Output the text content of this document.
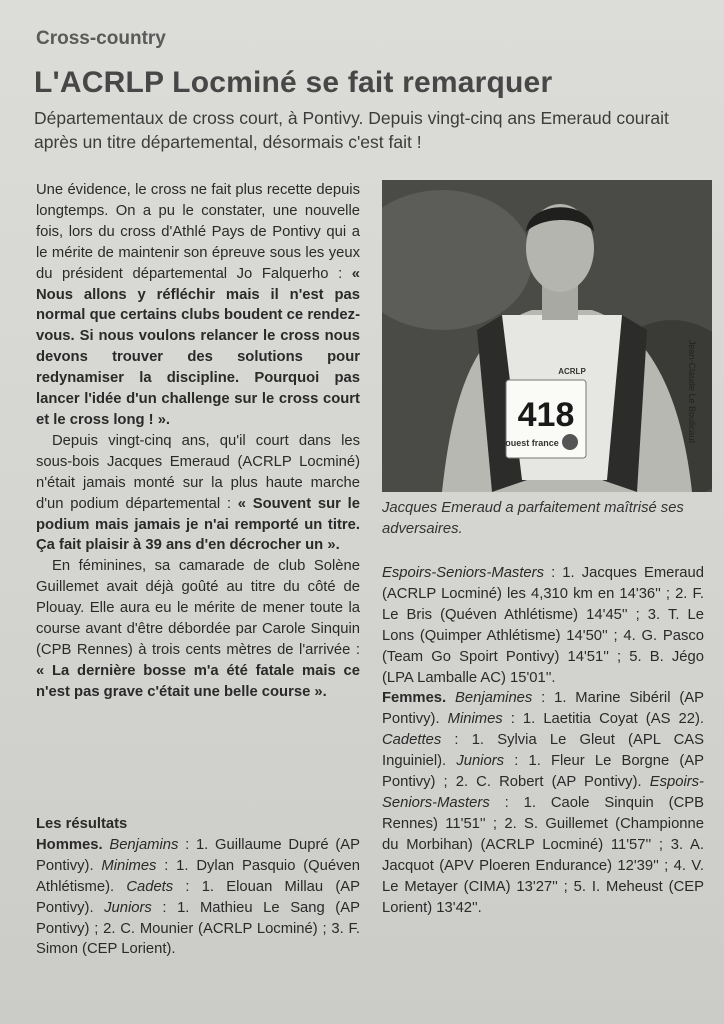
Cross-country
L'ACRLP Locminé se fait remarquer
Départementaux de cross court, à Pontivy. Depuis vingt-cinq ans Emeraud courait après un titre départemental, désormais c'est fait !

Une évidence, le cross ne fait plus recette depuis longtemps. On a pu le constater, une nouvelle fois, lors du cross d'Athlé Pays de Pontivy qui a le mérite de maintenir son épreuve sous les yeux du président départemental Jo Falquerho : « Nous allons y réfléchir mais il n'est pas normal que certains clubs boudent ce rendez-vous. Si nous voulons relancer le cross nous devons trouver des solutions pour redynamiser la discipline. Pourquoi pas lancer l'idée d'un challenge sur le cross court et le cross long ! ».

Depuis vingt-cinq ans, qu'il court dans les sous-bois Jacques Emeraud (ACRLP Locminé) n'était jamais monté sur la plus haute marche d'un podium départemental : « Souvent sur le podium mais jamais je n'ai remporté un titre. Ça fait plaisir à 39 ans d'en décrocher un ».

En féminines, sa camarade de club Solène Guillemet avait déjà goûté au titre du côté de Plouay. Elle aura eu le mérite de mener toute la course avant d'être débordée par Carole Sinquin (CPB Rennes) à trois cents mètres de l'arrivée : « La dernière bosse m'a été fatale mais ce n'est pas grave c'était une belle course ».

Les résultats

Hommes. Benjamins : 1. Guillaume Dupré (AP Pontivy). Minimes : 1. Dylan Pasquio (Quéven Athlétisme). Cadets : 1. Elouan Millau (AP Pontivy). Juniors : 1. Mathieu Le Sang (AP Pontivy) ; 2. C. Mounier (ACRLP Locminé) ; 3. F. Simon (CEP Lorient).

418
ouest france
ACRLP	Jean-Claude Le Boulicaut
Jacques Emeraud a parfaitement maîtrisé ses adversaires.

Espoirs-Seniors-Masters : 1. Jacques Emeraud (ACRLP Locminé) les 4,310 km en 14'36'' ; 2. F. Le Bris (Quéven Athlétisme) 14'45'' ; 3. T. Le Lons (Quimper Athlétisme) 14'50'' ; 4. G. Pasco (Team Go Spoirt Pontivy) 14'51'' ; 5. B. Jégo (LPA Lamballe AC) 15'01''.

Femmes. Benjamines : 1. Marine Sibéril (AP Pontivy). Minimes : 1. Laetitia Coyat (AS 22). Cadettes : 1. Sylvia Le Gleut (APL CAS Inguiniel). Juniors : 1. Fleur Le Borgne (AP Pontivy) ; 2. C. Robert (AP Pontivy). Espoirs-Seniors-Masters : 1. Caole Sinquin (CPB Rennes) 11'51'' ; 2. S. Guillemet (Championne du Morbihan) (ACRLP Locminé) 11'57'' ; 3. A. Jacquot (APV Ploeren Endurance) 12'39'' ; 4. V. Le Metayer (CIMA) 13'27'' ; 5. I. Meheust (CEP Lorient) 13'42''.
